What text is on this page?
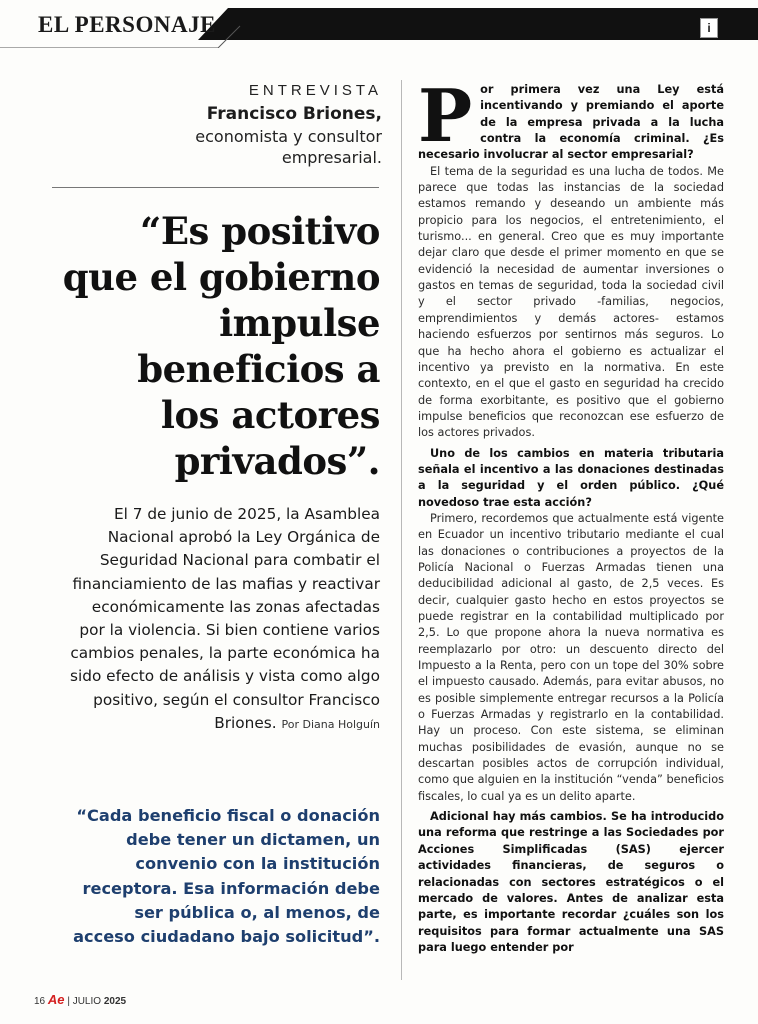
EL PERSONAJE	i

ENTREVISTA

Francisco Briones,

economista y consultor

empresarial.

“Es positivo
que el gobierno
impulse
beneficios a
los actores
privados”.

El 7 de junio de 2025, la Asamblea Nacional aprobó la Ley Orgánica de Seguridad Nacional para combatir el financiamiento de las mafias y reactivar económicamente las zonas afectadas por la violencia. Si bien contiene varios cambios penales, la parte económica ha sido efecto de análisis y vista como algo positivo, según el consultor Francisco Briones. Por Diana Holguín

“Cada beneficio fiscal o donación debe tener un dictamen, un convenio con la institución receptora. Esa información debe ser pública o, al menos, de acceso ciudadano bajo solicitud”.

Por primera vez una Ley está incentivando y premiando el aporte de la empresa privada a la lucha contra la economía criminal. ¿Es necesario involucrar al sector empresarial?

El tema de la seguridad es una lucha de todos. Me parece que todas las instancias de la sociedad estamos remando y deseando un ambiente más propicio para los negocios, el entretenimiento, el turismo... en general. Creo que es muy importante dejar claro que desde el primer momento en que se evidenció la necesidad de aumentar inversiones o gastos en temas de seguridad, toda la sociedad civil y el sector privado -familias, negocios, emprendimientos y demás actores- estamos haciendo esfuerzos por sentirnos más seguros. Lo que ha hecho ahora el gobierno es actualizar el incentivo ya previsto en la normativa. En este contexto, en el que el gasto en seguridad ha crecido de forma exorbitante, es positivo que el gobierno impulse beneficios que reconozcan ese esfuerzo de los actores privados.

Uno de los cambios en materia tributaria señala el incentivo a las donaciones destinadas a la seguridad y el orden público. ¿Qué novedoso trae esta acción?

Primero, recordemos que actualmente está vigente en Ecuador un incentivo tributario mediante el cual las donaciones o contribuciones a proyectos de la Policía Nacional o Fuerzas Armadas tienen una deducibilidad adicional al gasto, de 2,5 veces. Es decir, cualquier gasto hecho en estos proyectos se puede registrar en la contabilidad multiplicado por 2,5. Lo que propone ahora la nueva normativa es reemplazarlo por otro: un descuento directo del Impuesto a la Renta, pero con un tope del 30% sobre el impuesto causado. Además, para evitar abusos, no es posible simplemente entregar recursos a la Policía o Fuerzas Armadas y registrarlo en la contabilidad. Hay un proceso. Con este sistema, se eliminan muchas posibilidades de evasión, aunque no se descartan posibles actos de corrupción individual, como que alguien en la institución “venda” beneficios fiscales, lo cual ya es un delito aparte.

Adicional hay más cambios. Se ha introducido una reforma que restringe a las Sociedades por Acciones Simplificadas (SAS) ejercer actividades financieras, de seguros o relacionadas con sectores estratégicos o el mercado de valores. Antes de analizar esta parte, es importante recordar ¿cuáles son los requisitos para formar actualmente una SAS para luego entender por

16 Ae | JULIO 2025
